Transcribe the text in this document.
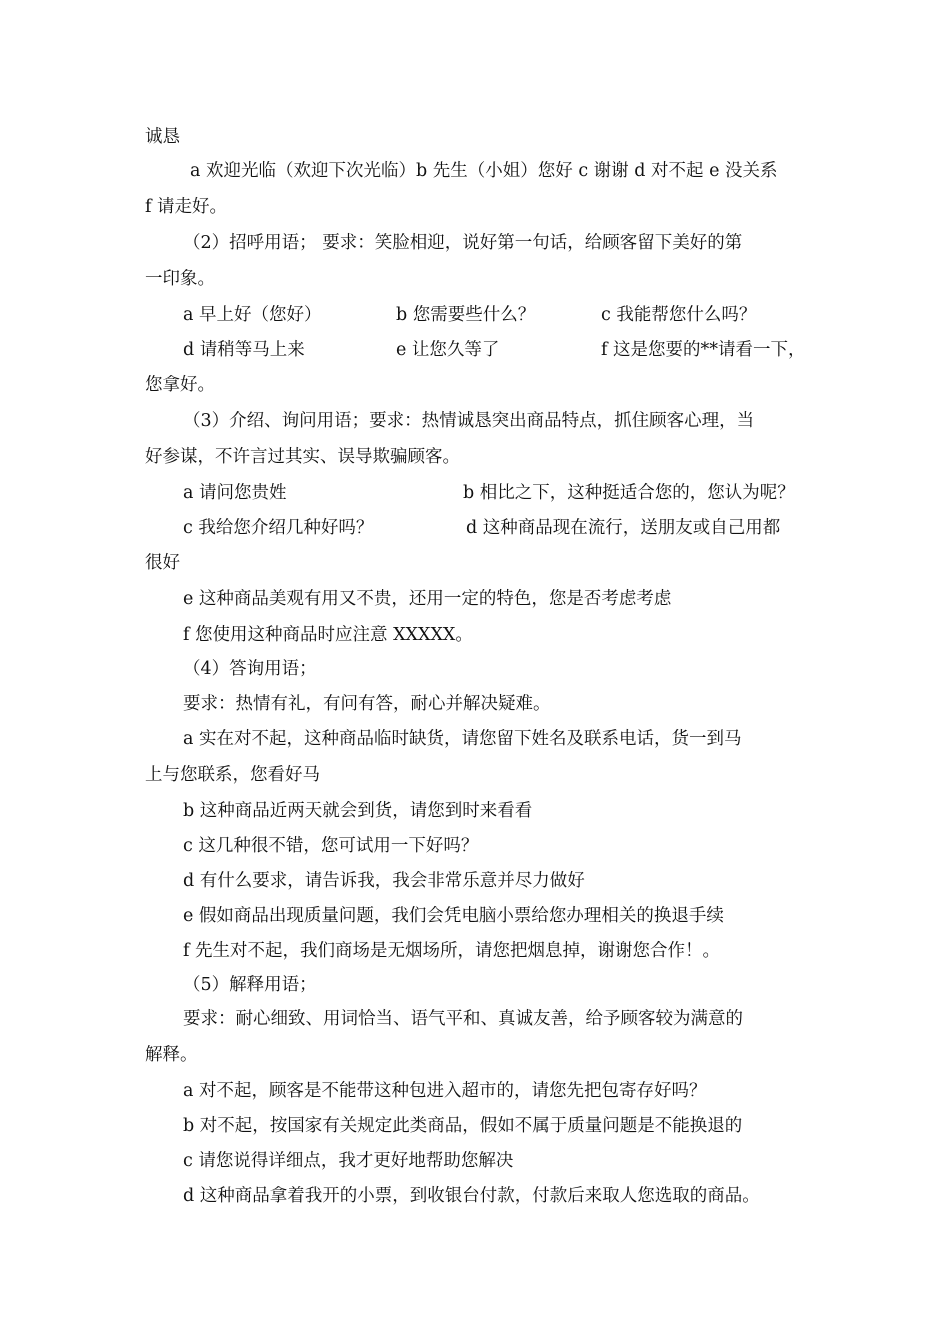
诚恳
a 欢迎光临（欢迎下次光临）b 先生（小姐）您好 c 谢谢 d 对不起 e 没关系
f 请走好。
（2）招呼用语； 要求：笑脸相迎，说好第一句话，给顾客留下美好的第
一印象。
a 早上好（您好）	b 您需要些什么？	c 我能帮您什么吗？
d 请稍等马上来	e 让您久等了	f 这是您要的**请看一下，
您拿好。
（3）介绍、询问用语；要求：热情诚恳突出商品特点，抓住顾客心理，当
好参谋，不许言过其实、误导欺骗顾客。
a 请问您贵姓	b 相比之下，这种挺适合您的，您认为呢？
c 我给您介绍几种好吗？	d 这种商品现在流行，送朋友或自己用都
很好
e 这种商品美观有用又不贵，还用一定的特色，您是否考虑考虑
f 您使用这种商品时应注意 XXXXX。
（4）答询用语；
要求：热情有礼，有问有答，耐心并解决疑难。
a 实在对不起，这种商品临时缺货，请您留下姓名及联系电话，货一到马
上与您联系，您看好马
b 这种商品近两天就会到货，请您到时来看看
c 这几种很不错，您可试用一下好吗？
d 有什么要求，请告诉我，我会非常乐意并尽力做好
e 假如商品出现质量问题，我们会凭电脑小票给您办理相关的换退手续
f 先生对不起，我们商场是无烟场所，请您把烟息掉，谢谢您合作！。
（5）解释用语；
要求：耐心细致、用词恰当、语气平和、真诚友善，给予顾客较为满意的
解释。
a 对不起，顾客是不能带这种包进入超市的，请您先把包寄存好吗？
b 对不起，按国家有关规定此类商品，假如不属于质量问题是不能换退的
c 请您说得详细点，我才更好地帮助您解决
d 这种商品拿着我开的小票，到收银台付款，付款后来取人您选取的商品。
